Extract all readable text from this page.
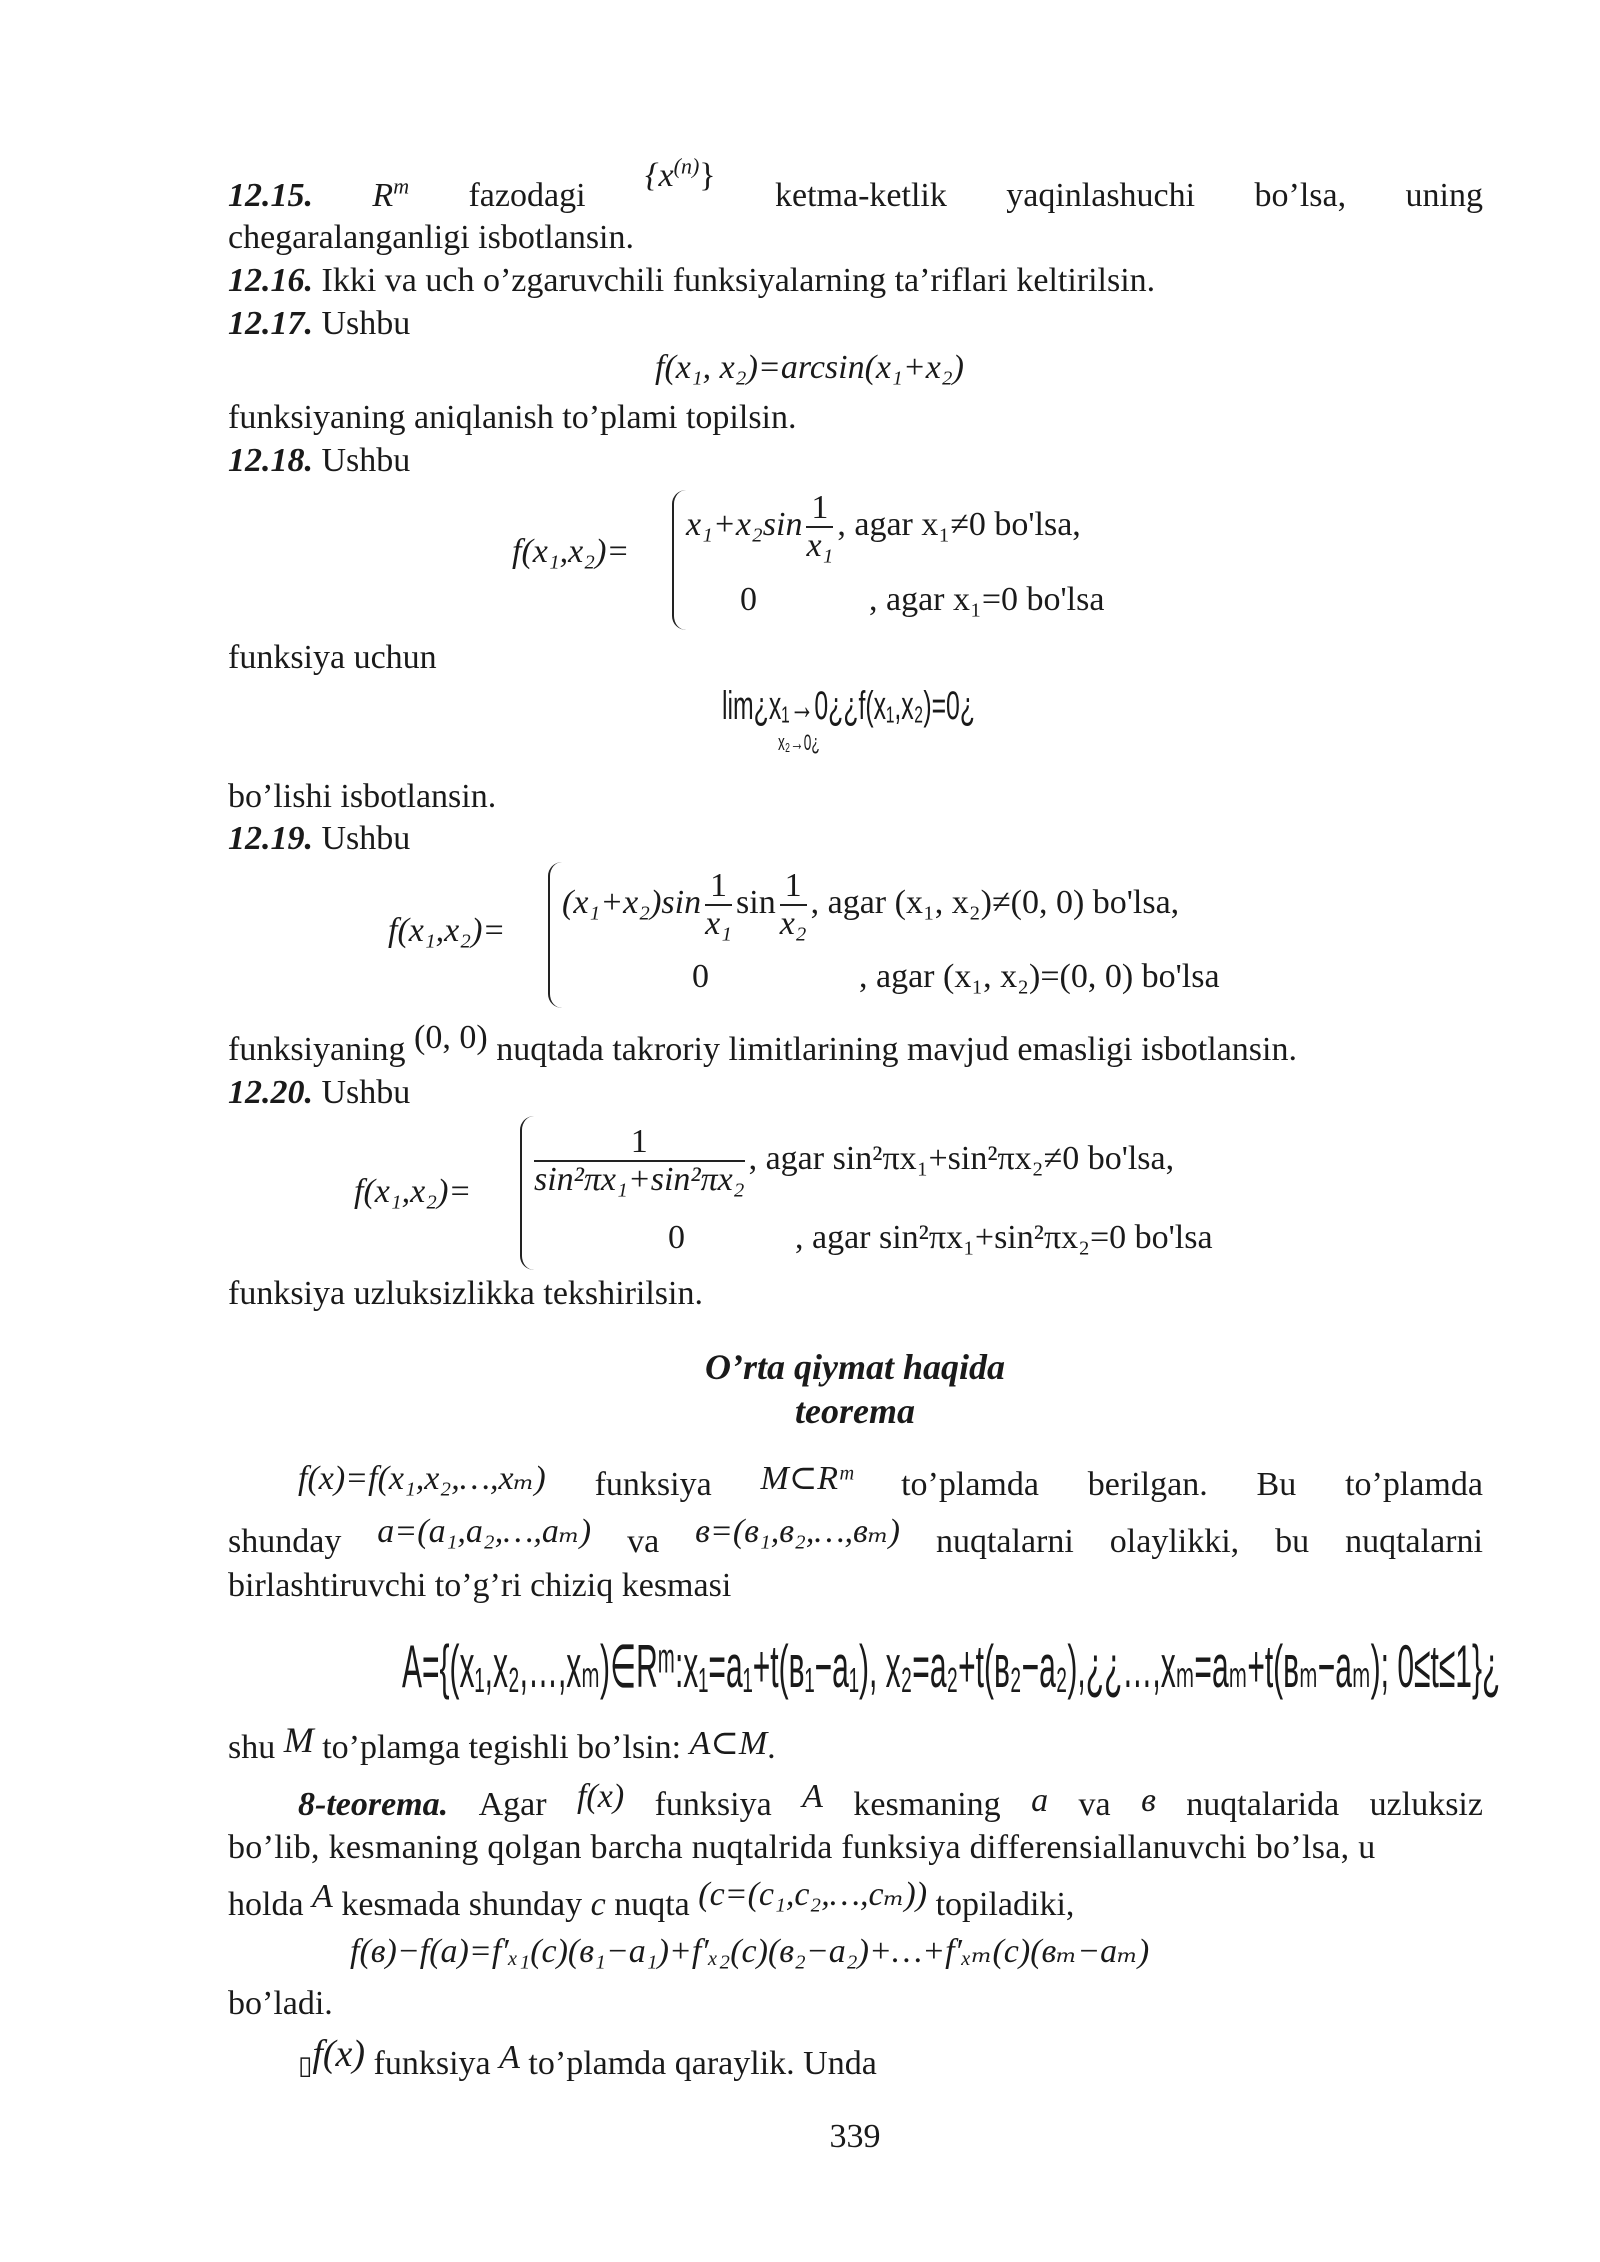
12.15. $R^m$ fazodagi
$\{x^{(n)}\}$
ketma-ketlik yaqinlashuchi bo’lsa, uning
chegaralanganligi isbotlansin.
12.16. Ikki va uch o’zgaruvchili funksiyalarning ta’riflari keltirilsin.
12.17. Ushbu
f(x₁, x₂)=arcsin(x₁+x₂)
funksiyaning aniqlanish to’plami topilsin.
12.18. Ushbu
f(x₁,x₂)=
$x_1+x_2\sin \frac{1}{\text{x₁}}$ , agar x₁≠0 bo'lsa,
0	, agar x₁=0 bo'lsa
funksiya uchun
lim¿x₁→0¿¿f(x₁,x₂)=0¿
x₂→0¿
bo’lishi isbotlansin.
12.19. Ushbu
f(x₁,x₂)=
$(x_1+x_2)\sin \frac{1}{\text{x₁}}$ $\sin \frac{1}{\text{x₂}}$ , agar (x₁, x₂)≠(0, 0) bo'lsa,
0	, agar (x₁, x₂)=(0, 0) bo'lsa
funksiyaning (0, 0) nuqtada takroriy limitlarining mavjud emasligi isbotlansin.
12.20. Ushbu
$f(x_1,x_2)= \frac{1}{\text{sin²πx₁+sin²πx₂}}$ , agar sin²πx₁+sin²πx₂≠0 bo'lsa,
0	, agar sin²πx₁+sin²πx₂=0 bo'lsa
funksiya uzluksizlikka tekshirilsin.
O’rta qiymat haqida
teorema
f(x)=f(x₁,x₂,…,xₘ) funksiya M⊂Rᵐ to’plamda berilgan. Bu to’plamda
shunday a=(a₁,a₂,…,aₘ) va в=(в₁,в₂,…,вₘ) nuqtalarni olaylikki, bu nuqtalarni
birlashtiruvchi to’g’ri chiziq kesmasi
A={(x₁,x₂,…,xₘ)∈Rᵐ:x₁=a₁+t(в₁−a₁), x₂=a₂+t(в₂−a₂),¿¿…,xₘ=aₘ+t(вₘ−aₘ); 0≤t≤1}¿
shu M to’plamga tegishli bo’lsin: A⊂M.
8-teorema. Agar f(x) funksiya A kesmaning a va в nuqtalarida uzluksiz
bo’lib, kesmaning qolgan barcha nuqtalrida funksiya differensiallanuvchi bo’lsa, u
holda A kesmada shunday c nuqta (c=(c₁,c₂,…,cₘ)) topiladiki,
f(в)−f(a)=f′ₓ₁(c)(в₁−a₁)+f′ₓ₂(c)(в₂−a₂)+…+f′ₓₘ(c)(вₘ−aₘ)
bo’ladi.
▯f(x) funksiya A to’plamda qaraylik. Unda
339
